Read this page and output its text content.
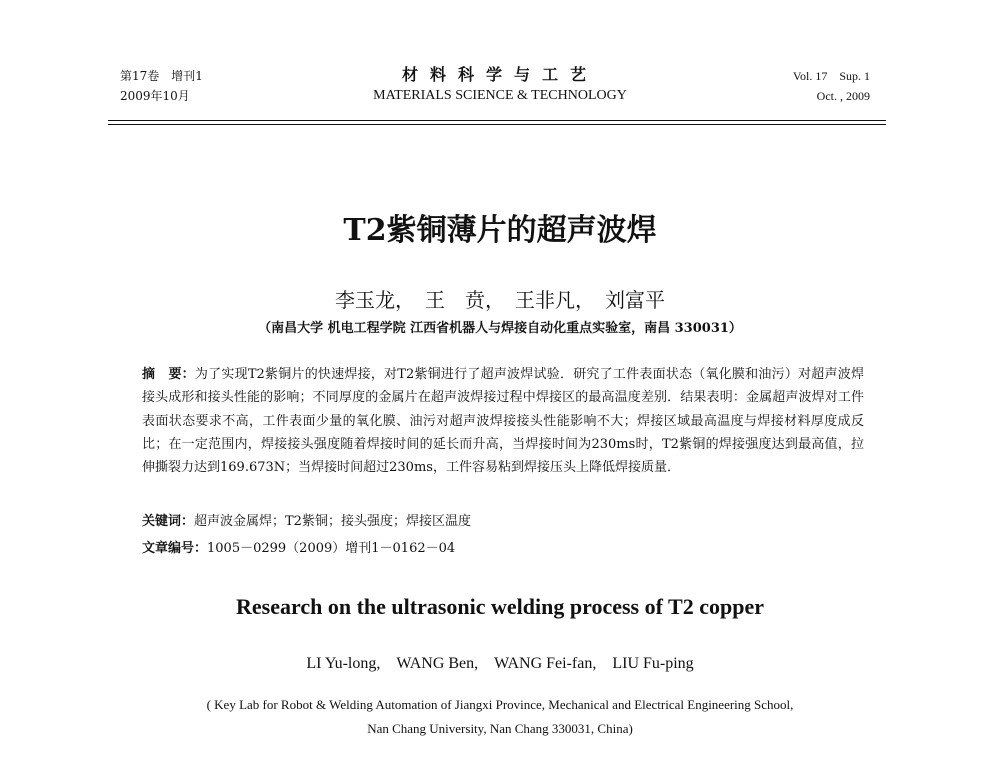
第17卷　增刊1
2009年10月
材料科学与工艺
MATERIALS SCIENCE & TECHNOLOGY
Vol. 17　Sup. 1
Oct. , 2009
T2紫铜薄片的超声波焊
李玉龙，　王　贲，　王非凡，　刘富平
（南昌大学 机电工程学院 江西省机器人与焊接自动化重点实验室，南昌 330031）

摘　要：为了实现T2紫铜片的快速焊接，对T2紫铜进行了超声波焊试验．研究了工件表面状态（氧化膜和油污）对超声波焊接头成形和接头性能的影响；不同厚度的金属片在超声波焊接过程中焊接区的最高温度差别．结果表明：金属超声波焊对工件表面状态要求不高，工件表面少量的氧化膜、油污对超声波焊接接头性能影响不大；焊接区域最高温度与焊接材料厚度成反比；在一定范围内，焊接接头强度随着焊接时间的延长而升高，当焊接时间为230ms时，T2紫铜的焊接强度达到最高值，拉伸撕裂力达到169.673N；当焊接时间超过230ms，工件容易粘到焊接压头上降低焊接质量．

关键词：超声波金属焊；T2紫铜；接头强度；焊接区温度

文章编号：1005－0299（2009）增刊1－0162－04

Research on the ultrasonic welding process of T2 copper
LI Yu-long,　WANG Ben,　WANG Fei-fan,　LIU Fu-ping
( Key Lab for Robot & Welding Automation of Jiangxi Province, Mechanical and Electrical Engineering School,
Nan Chang University, Nan Chang 330031, China)
